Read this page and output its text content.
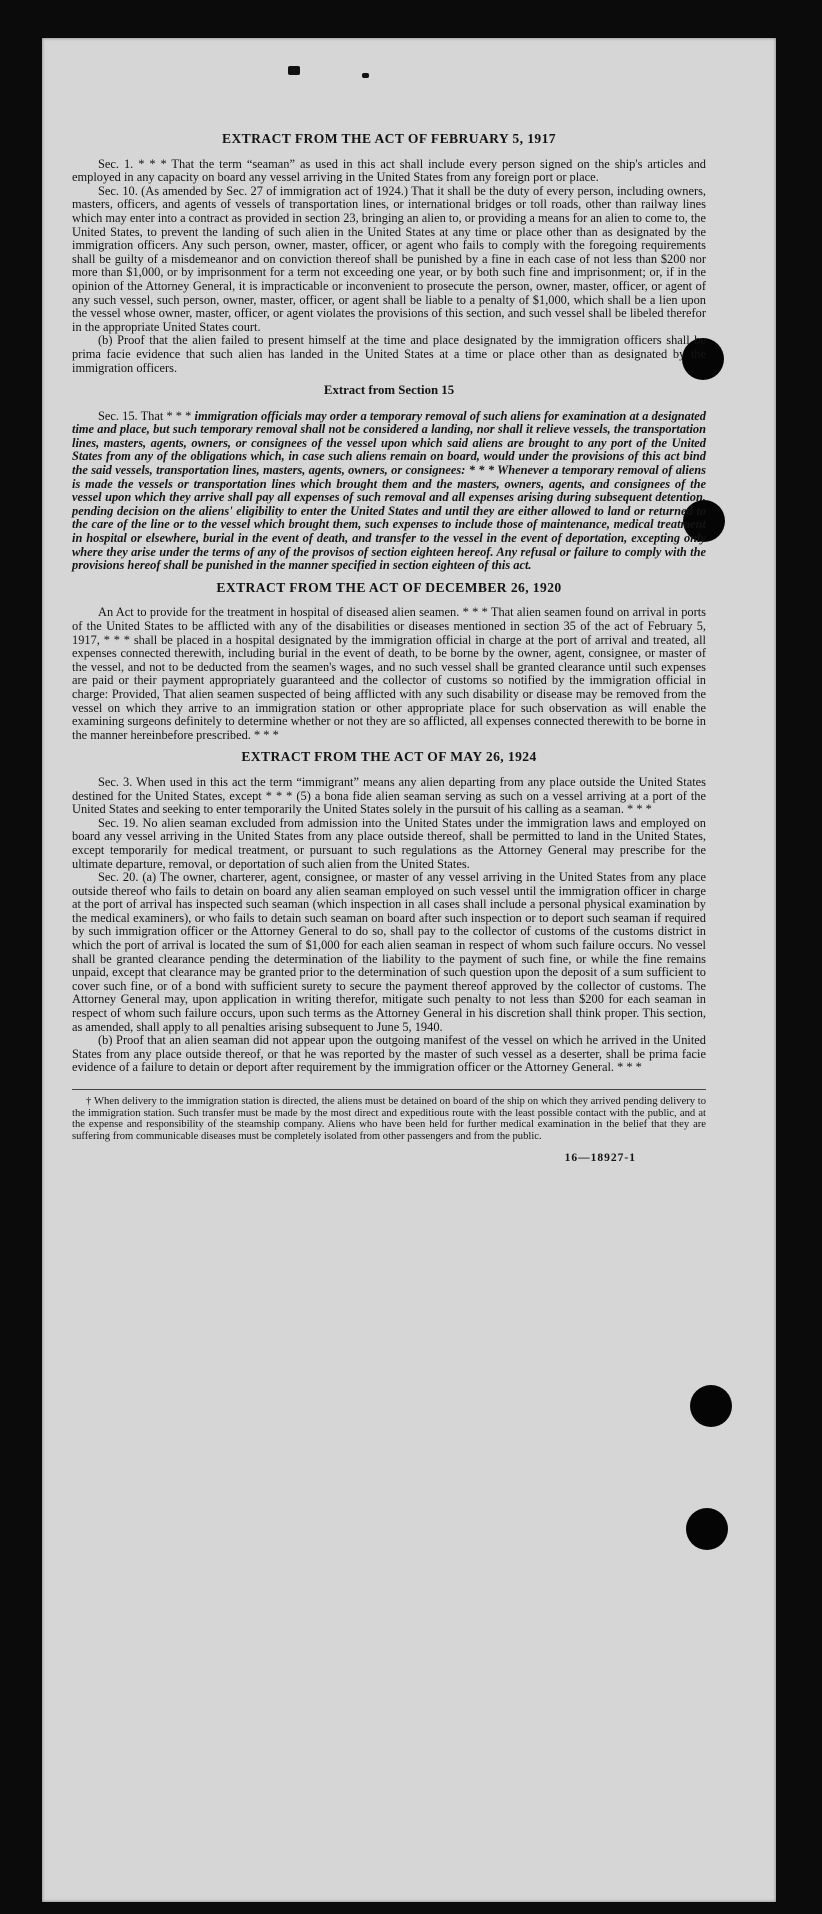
EXTRACT FROM THE ACT OF FEBRUARY 5, 1917

Sec. 1. * * * That the term “seaman” as used in this act shall include every person signed on the ship's articles and employed in any capacity on board any vessel arriving in the United States from any foreign port or place.

Sec. 10. (As amended by Sec. 27 of immigration act of 1924.) That it shall be the duty of every person, including owners, masters, officers, and agents of vessels of transportation lines, or international bridges or toll roads, other than railway lines which may enter into a contract as provided in section 23, bringing an alien to, or providing a means for an alien to come to, the United States, to prevent the landing of such alien in the United States at any time or place other than as designated by the immigration officers. Any such person, owner, master, officer, or agent who fails to comply with the foregoing requirements shall be guilty of a misdemeanor and on conviction thereof shall be punished by a fine in each case of not less than $200 nor more than $1,000, or by imprisonment for a term not exceeding one year, or by both such fine and imprisonment; or, if in the opinion of the Attorney General, it is impracticable or inconvenient to prosecute the person, owner, master, officer, or agent of any such vessel, such person, owner, master, officer, or agent shall be liable to a penalty of $1,000, which shall be a lien upon the vessel whose owner, master, officer, or agent violates the provisions of this section, and such vessel shall be libeled therefor in the appropriate United States court.

(b) Proof that the alien failed to present himself at the time and place designated by the immigration officers shall be prima facie evidence that such alien has landed in the United States at a time or place other than as designated by the immigration officers.

Extract from Section 15

Sec. 15. That * * * immigration officials may order a temporary removal of such aliens for examination at a designated time and place, but such temporary removal shall not be considered a landing, nor shall it relieve vessels, the transportation lines, masters, agents, owners, or consignees of the vessel upon which said aliens are brought to any port of the United States from any of the obligations which, in case such aliens remain on board, would under the provisions of this act bind the said vessels, transportation lines, masters, agents, owners, or consignees: * * * Whenever a temporary removal of aliens is made the vessels or transportation lines which brought them and the masters, owners, agents, and consignees of the vessel upon which they arrive shall pay all expenses of such removal and all expenses arising during subsequent detention, pending decision on the aliens' eligibility to enter the United States and until they are either allowed to land or returned to the care of the line or to the vessel which brought them, such expenses to include those of maintenance, medical treatment in hospital or elsewhere, burial in the event of death, and transfer to the vessel in the event of deportation, excepting only where they arise under the terms of any of the provisos of section eighteen hereof. Any refusal or failure to comply with the provisions hereof shall be punished in the manner specified in section eighteen of this act.

EXTRACT FROM THE ACT OF DECEMBER 26, 1920

An Act to provide for the treatment in hospital of diseased alien seamen. * * * That alien seamen found on arrival in ports of the United States to be afflicted with any of the disabilities or diseases mentioned in section 35 of the act of February 5, 1917, * * * shall be placed in a hospital designated by the immigration official in charge at the port of arrival and treated, all expenses connected therewith, including burial in the event of death, to be borne by the owner, agent, consignee, or master of the vessel, and not to be deducted from the seamen's wages, and no such vessel shall be granted clearance until such expenses are paid or their payment appropriately guaranteed and the collector of customs so notified by the immigration official in charge: Provided, That alien seamen suspected of being afflicted with any such disability or disease may be removed from the vessel on which they arrive to an immigration station or other appropriate place for such observation as will enable the examining surgeons definitely to determine whether or not they are so afflicted, all expenses connected therewith to be borne in the manner hereinbefore prescribed. * * *

EXTRACT FROM THE ACT OF MAY 26, 1924

Sec. 3. When used in this act the term “immigrant” means any alien departing from any place outside the United States destined for the United States, except * * * (5) a bona fide alien seaman serving as such on a vessel arriving at a port of the United States and seeking to enter temporarily the United States solely in the pursuit of his calling as a seaman. * * *

Sec. 19. No alien seaman excluded from admission into the United States under the immigration laws and employed on board any vessel arriving in the United States from any place outside thereof, shall be permitted to land in the United States, except temporarily for medical treatment, or pursuant to such regulations as the Attorney General may prescribe for the ultimate departure, removal, or deportation of such alien from the United States.

Sec. 20. (a) The owner, charterer, agent, consignee, or master of any vessel arriving in the United States from any place outside thereof who fails to detain on board any alien seaman employed on such vessel until the immigration officer in charge at the port of arrival has inspected such seaman (which inspection in all cases shall include a personal physical examination by the medical examiners), or who fails to detain such seaman on board after such inspection or to deport such seaman if required by such immigration officer or the Attorney General to do so, shall pay to the collector of customs of the customs district in which the port of arrival is located the sum of $1,000 for each alien seaman in respect of whom such failure occurs. No vessel shall be granted clearance pending the determination of the liability to the payment of such fine, or while the fine remains unpaid, except that clearance may be granted prior to the determination of such question upon the deposit of a sum sufficient to cover such fine, or of a bond with sufficient surety to secure the payment thereof approved by the collector of customs. The Attorney General may, upon application in writing therefor, mitigate such penalty to not less than $200 for each seaman in respect of whom such failure occurs, upon such terms as the Attorney General in his discretion shall think proper. This section, as amended, shall apply to all penalties arising subsequent to June 5, 1940.

(b) Proof that an alien seaman did not appear upon the outgoing manifest of the vessel on which he arrived in the United States from any place outside thereof, or that he was reported by the master of such vessel as a deserter, shall be prima facie evidence of a failure to detain or deport after requirement by the immigration officer or the Attorney General. * * *

† When delivery to the immigration station is directed, the aliens must be detained on board of the ship on which they arrived pending delivery to the immigration station. Such transfer must be made by the most direct and expeditious route with the least possible contact with the public, and at the expense and responsibility of the steamship company. Aliens who have been held for further medical examination in the belief that they are suffering from communicable diseases must be completely isolated from other passengers and from the public.

16—18927-1
